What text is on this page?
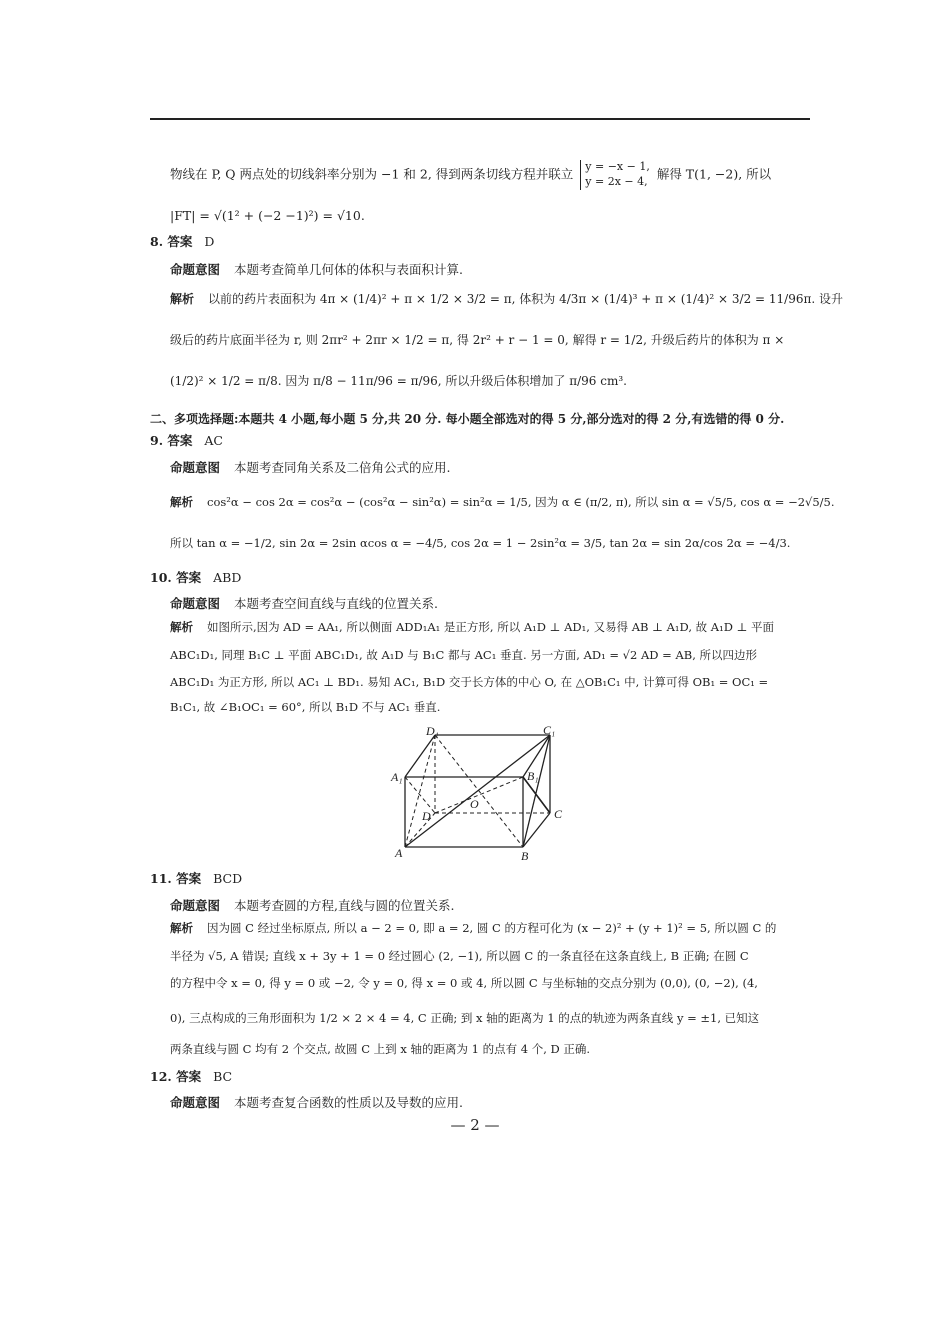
物线在 P, Q 两点处的切线斜率分别为 −1 和 2, 得到两条切线方程并联立 y = −x − 1,
y = 2x − 4, 解得 T(1, −2), 所以
|FT| = √(1² + (−2 −1)²) = √10.
8. 答案 D
命题意图 本题考查简单几何体的体积与表面积计算.
解析 以前的药片表面积为 4π × (1/4)² + π × 1/2 × 3/2 = π, 体积为 4/3π × (1/4)³ + π × (1/4)² × 3/2 = 11/96π. 设升
级后的药片底面半径为 r, 则 2πr² + 2πr × 1/2 = π, 得 2r² + r − 1 = 0, 解得 r = 1/2, 升级后药片的体积为 π ×
(1/2)² × 1/2 = π/8. 因为 π/8 − 11π/96 = π/96, 所以升级后体积增加了 π/96 cm³.
二、多项选择题:本题共 4 小题,每小题 5 分,共 20 分. 每小题全部选对的得 5 分,部分选对的得 2 分,有选错的得 0 分.
9. 答案 AC
命题意图 本题考查同角关系及二倍角公式的应用.
解析 cos²α − cos 2α = cos²α − (cos²α − sin²α) = sin²α = 1/5, 因为 α ∈ (π/2, π), 所以 sin α = √5/5, cos α = −2√5/5.
所以 tan α = −1/2, sin 2α = 2sin αcos α = −4/5, cos 2α = 1 − 2sin²α = 3/5, tan 2α = sin 2α/cos 2α = −4/3.
10. 答案 ABD
命题意图 本题考查空间直线与直线的位置关系.
解析 如图所示,因为 AD = AA₁, 所以侧面 ADD₁A₁ 是正方形, 所以 A₁D ⊥ AD₁, 又易得 AB ⊥ A₁D, 故 A₁D ⊥ 平面
ABC₁D₁, 同理 B₁C ⊥ 平面 ABC₁D₁, 故 A₁D 与 B₁C 都与 AC₁ 垂直. 另一方面, AD₁ = √2 AD = AB, 所以四边形
ABC₁D₁ 为正方形, 所以 AC₁ ⊥ BD₁. 易知 AC₁, B₁D 交于长方体的中心 O, 在 △OB₁C₁ 中, 计算可得 OB₁ = OC₁ =
B₁C₁, 故 ∠B₁OC₁ = 60°, 所以 B₁D 不与 AC₁ 垂直.
D₁	C₁
A₁	B₁
O
D	C
A	B
11. 答案 BCD
命题意图 本题考查圆的方程,直线与圆的位置关系.
解析 因为圆 C 经过坐标原点, 所以 a − 2 = 0, 即 a = 2, 圆 C 的方程可化为 (x − 2)² + (y + 1)² = 5, 所以圆 C 的
半径为 √5, A 错误; 直线 x + 3y + 1 = 0 经过圆心 (2, −1), 所以圆 C 的一条直径在这条直线上, B 正确; 在圆 C
的方程中令 x = 0, 得 y = 0 或 −2, 令 y = 0, 得 x = 0 或 4, 所以圆 C 与坐标轴的交点分别为 (0,0), (0, −2), (4,
0), 三点构成的三角形面积为 1/2 × 2 × 4 = 4, C 正确; 到 x 轴的距离为 1 的点的轨迹为两条直线 y = ±1, 已知这
两条直线与圆 C 均有 2 个交点, 故圆 C 上到 x 轴的距离为 1 的点有 4 个, D 正确.
12. 答案 BC
命题意图 本题考查复合函数的性质以及导数的应用.
— 2 —
